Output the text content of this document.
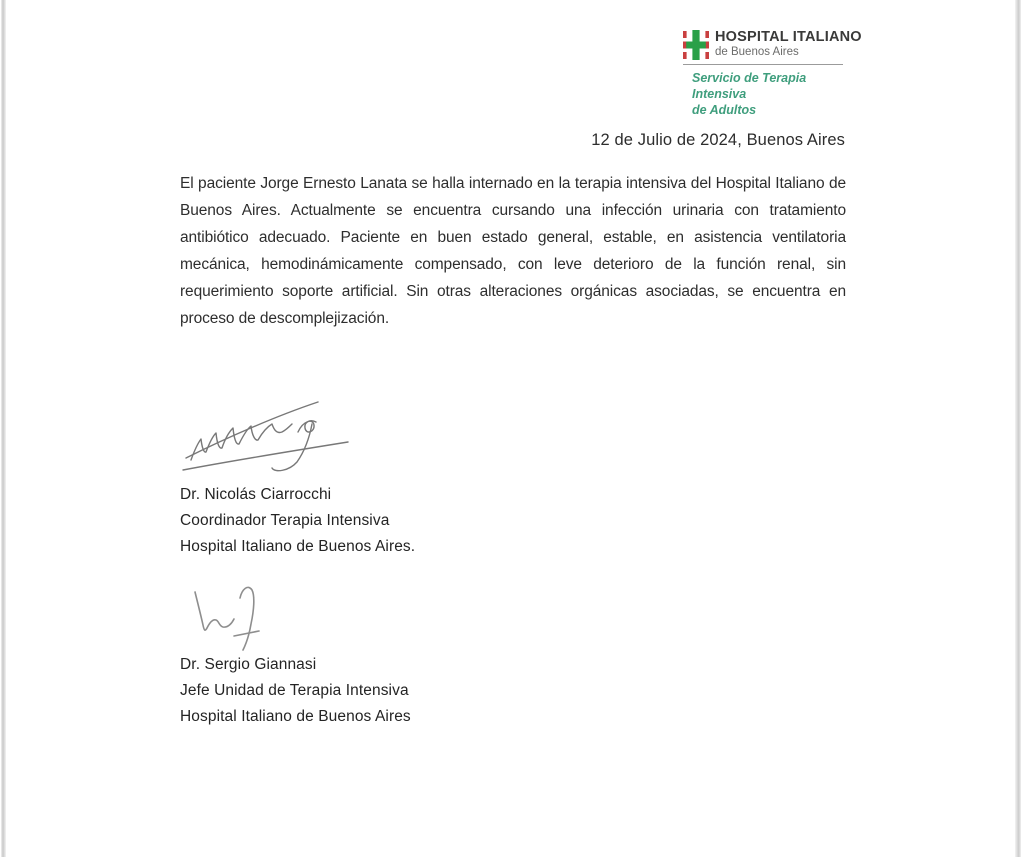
HOSPITAL ITALIANO
de Buenos Aires
Servicio de Terapia Intensiva
de Adultos
12 de Julio de 2024, Buenos Aires

El paciente Jorge Ernesto Lanata se halla internado en la terapia intensiva del Hospital Italiano de Buenos Aires. Actualmente se encuentra cursando una infección urinaria con tratamiento antibiótico adecuado. Paciente en buen estado general, estable, en asistencia ventilatoria mecánica, hemodinámicamente compensado, con leve deterioro de la función renal, sin requerimiento soporte artificial. Sin otras alteraciones orgánicas asociadas, se encuentra en proceso de descomplejización.

Dr. Nicolás Ciarrocchi
Coordinador Terapia Intensiva
Hospital Italiano de Buenos Aires.
Dr. Sergio Giannasi
Jefe Unidad de Terapia Intensiva
Hospital Italiano de Buenos Aires
